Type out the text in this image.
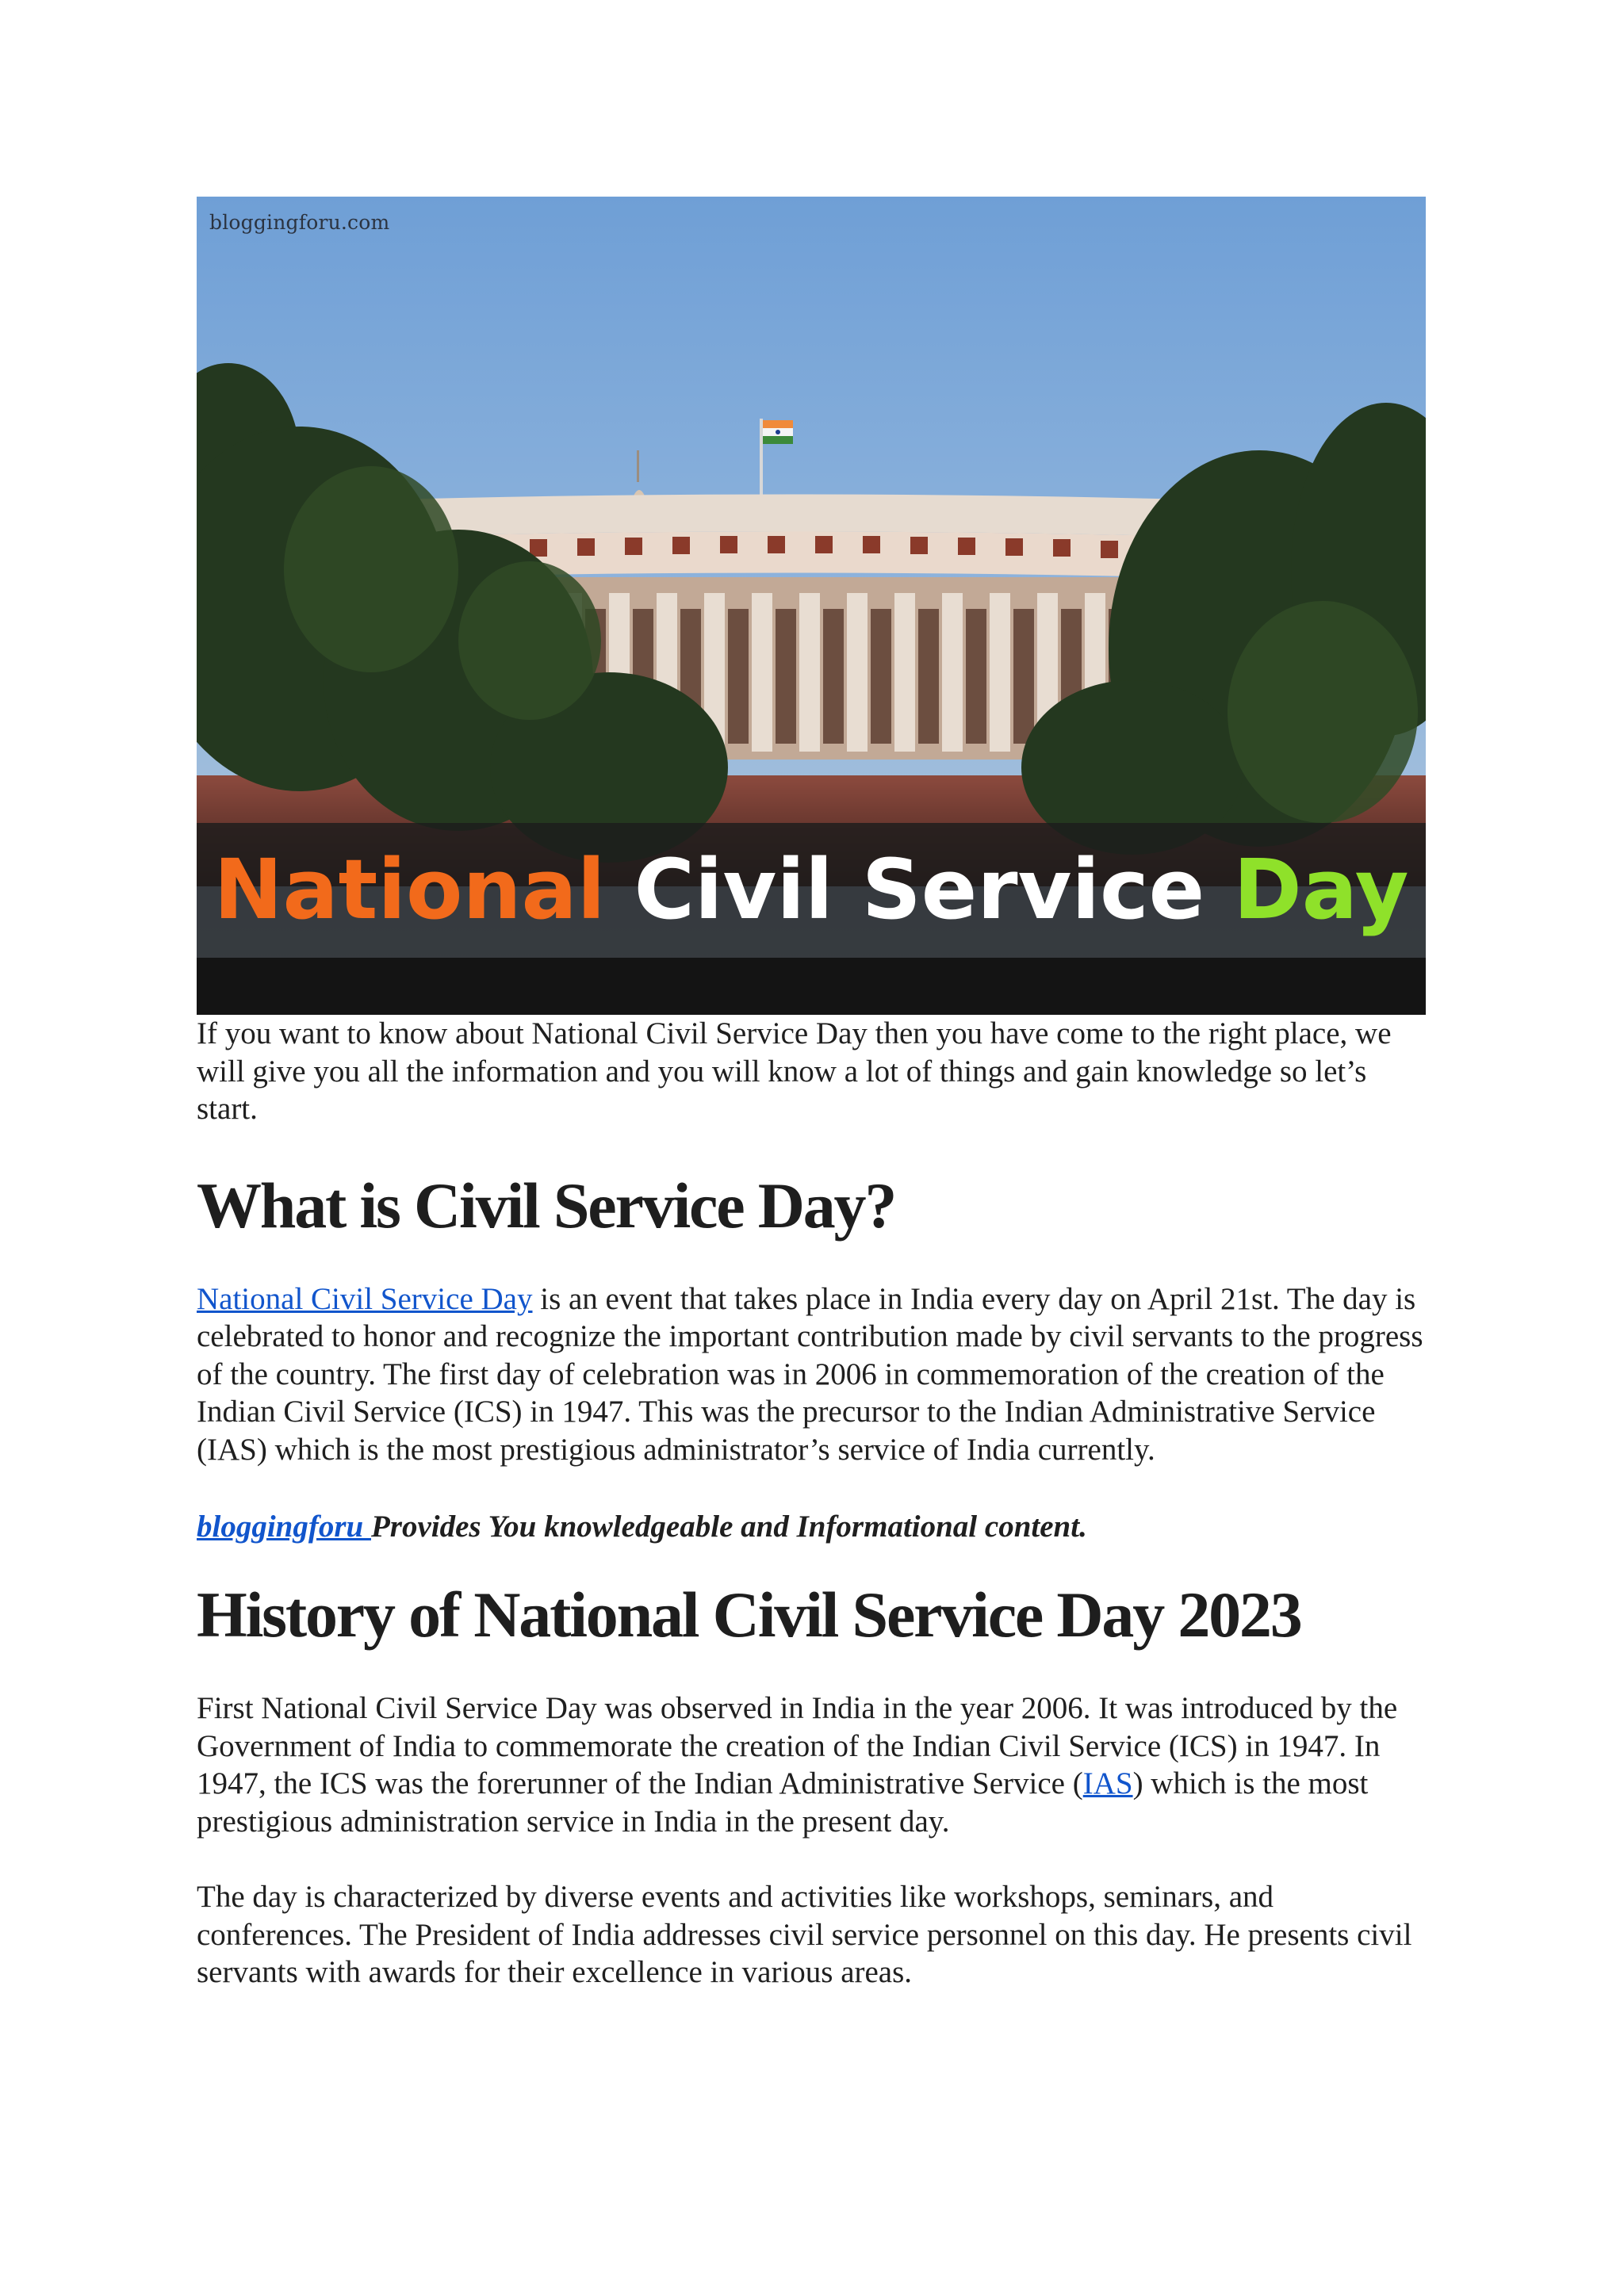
bloggingforu.com
National Civil Service Day

If you want to know about National Civil Service Day then you have come to the right place, we will give you all the information and you will know a lot of things and gain knowledge so let’s start.

What is Civil Service Day?

National Civil Service Day is an event that takes place in India every day on April 21st. The day is celebrated to honor and recognize the important contribution made by civil servants to the progress of the country. The first day of celebration was in 2006 in commemoration of the creation of the Indian Civil Service (ICS) in 1947. This was the precursor to the Indian Administrative Service (IAS) which is the most prestigious administrator’s service of India currently.

bloggingforu Provides You knowledgeable and Informational content.

History of National Civil Service Day 2023

First National Civil Service Day was observed in India in the year 2006. It was introduced by the Government of India to commemorate the creation of the Indian Civil Service (ICS) in 1947. In 1947, the ICS was the forerunner of the Indian Administrative Service (IAS) which is the most prestigious administration service in India in the present day.

The day is characterized by diverse events and activities like workshops, seminars, and conferences. The President of India addresses civil service personnel on this day. He presents civil servants with awards for their excellence in various areas.
